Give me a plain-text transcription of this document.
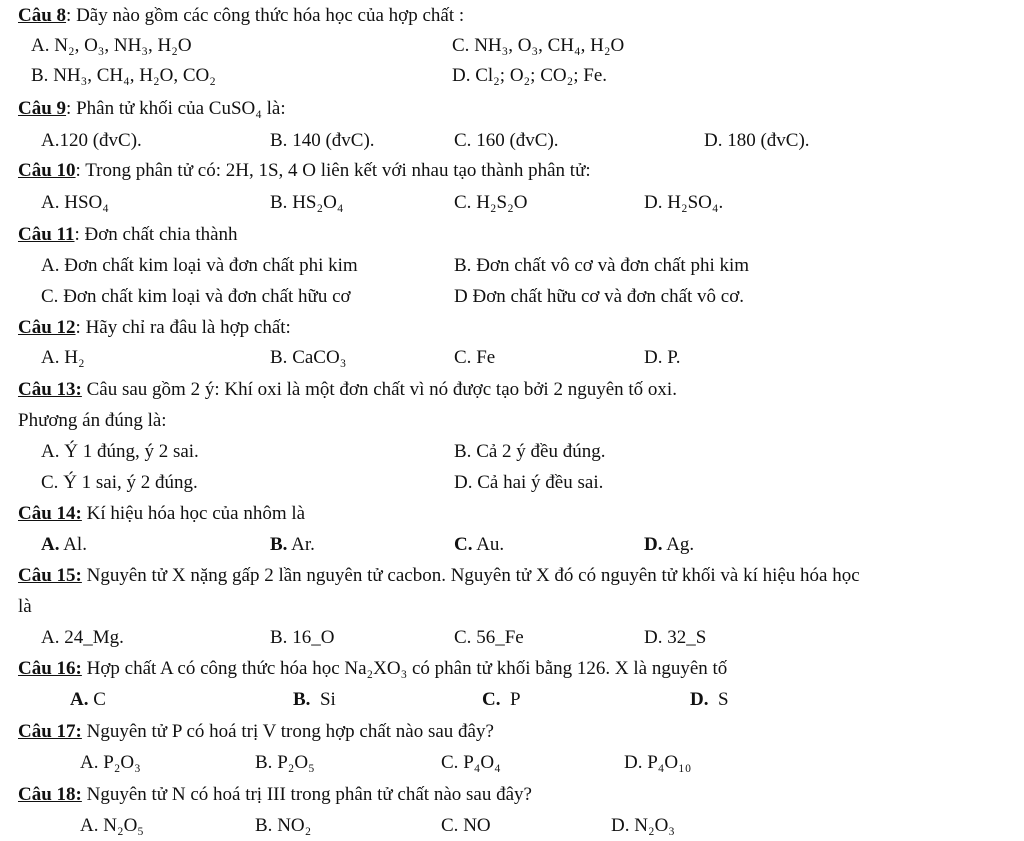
Câu 8: Dãy nào gồm các công thức hóa học của hợp chất :
A. N₂, O₃, NH₃, H₂O	C. NH₃, O₃, CH₄, H₂O
B. NH₃, CH₄, H₂O, CO₂	D. Cl₂; O₂; CO₂; Fe.
Câu 9: Phân tử khối của CuSO₄ là:
A.120 (đvC).	B. 140 (đvC).	C. 160 (đvC).	D. 180 (đvC).
Câu 10: Trong phân tử có: 2H, 1S, 4 O liên kết với nhau tạo thành phân tử:
A. HSO₄	B. HS₂O₄	C. H₂S₂O	D. H₂SO₄.
Câu 11: Đơn chất chia thành
A. Đơn chất kim loại và đơn chất phi kim	B. Đơn chất vô cơ và đơn chất phi kim
C. Đơn chất kim loại và đơn chất hữu cơ	D Đơn chất hữu cơ và đơn chất vô cơ.
Câu 12: Hãy chỉ ra đâu là hợp chất:
A. H₂	B. CaCO₃	C. Fe	D. P.
Câu 13: Câu sau gồm 2 ý: Khí oxi là một đơn chất vì nó được tạo bởi 2 nguyên tố oxi.
Phương án đúng là:
A. Ý 1 đúng, ý 2 sai.	B. Cả 2 ý đều đúng.
C. Ý 1 sai, ý 2 đúng.	D. Cả hai ý đều sai.
Câu 14: Kí hiệu hóa học của nhôm là
A. Al.	B. Ar.	C. Au.	D. Ag.
Câu 15: Nguyên tử X nặng gấp 2 lần nguyên tử cacbon. Nguyên tử X đó có nguyên tử khối và kí hiệu hóa học
là
A. 24_Mg.	B. 16_O	C. 56_Fe	D. 32_S
Câu 16: Hợp chất A có công thức hóa học Na₂XO₃ có phân tử khối bằng 126. X là nguyên tố
A. C	B. Si	C. P	D. S
Câu 17: Nguyên tử P có hoá trị V trong hợp chất nào sau đây?
A. P₂O₃	B. P₂O₅	C. P₄O₄	D. P₄O₁₀
Câu 18: Nguyên tử N có hoá trị III trong phân tử chất nào sau đây?
A. N₂O₅	B. NO₂	C. NO	D. N₂O₃
